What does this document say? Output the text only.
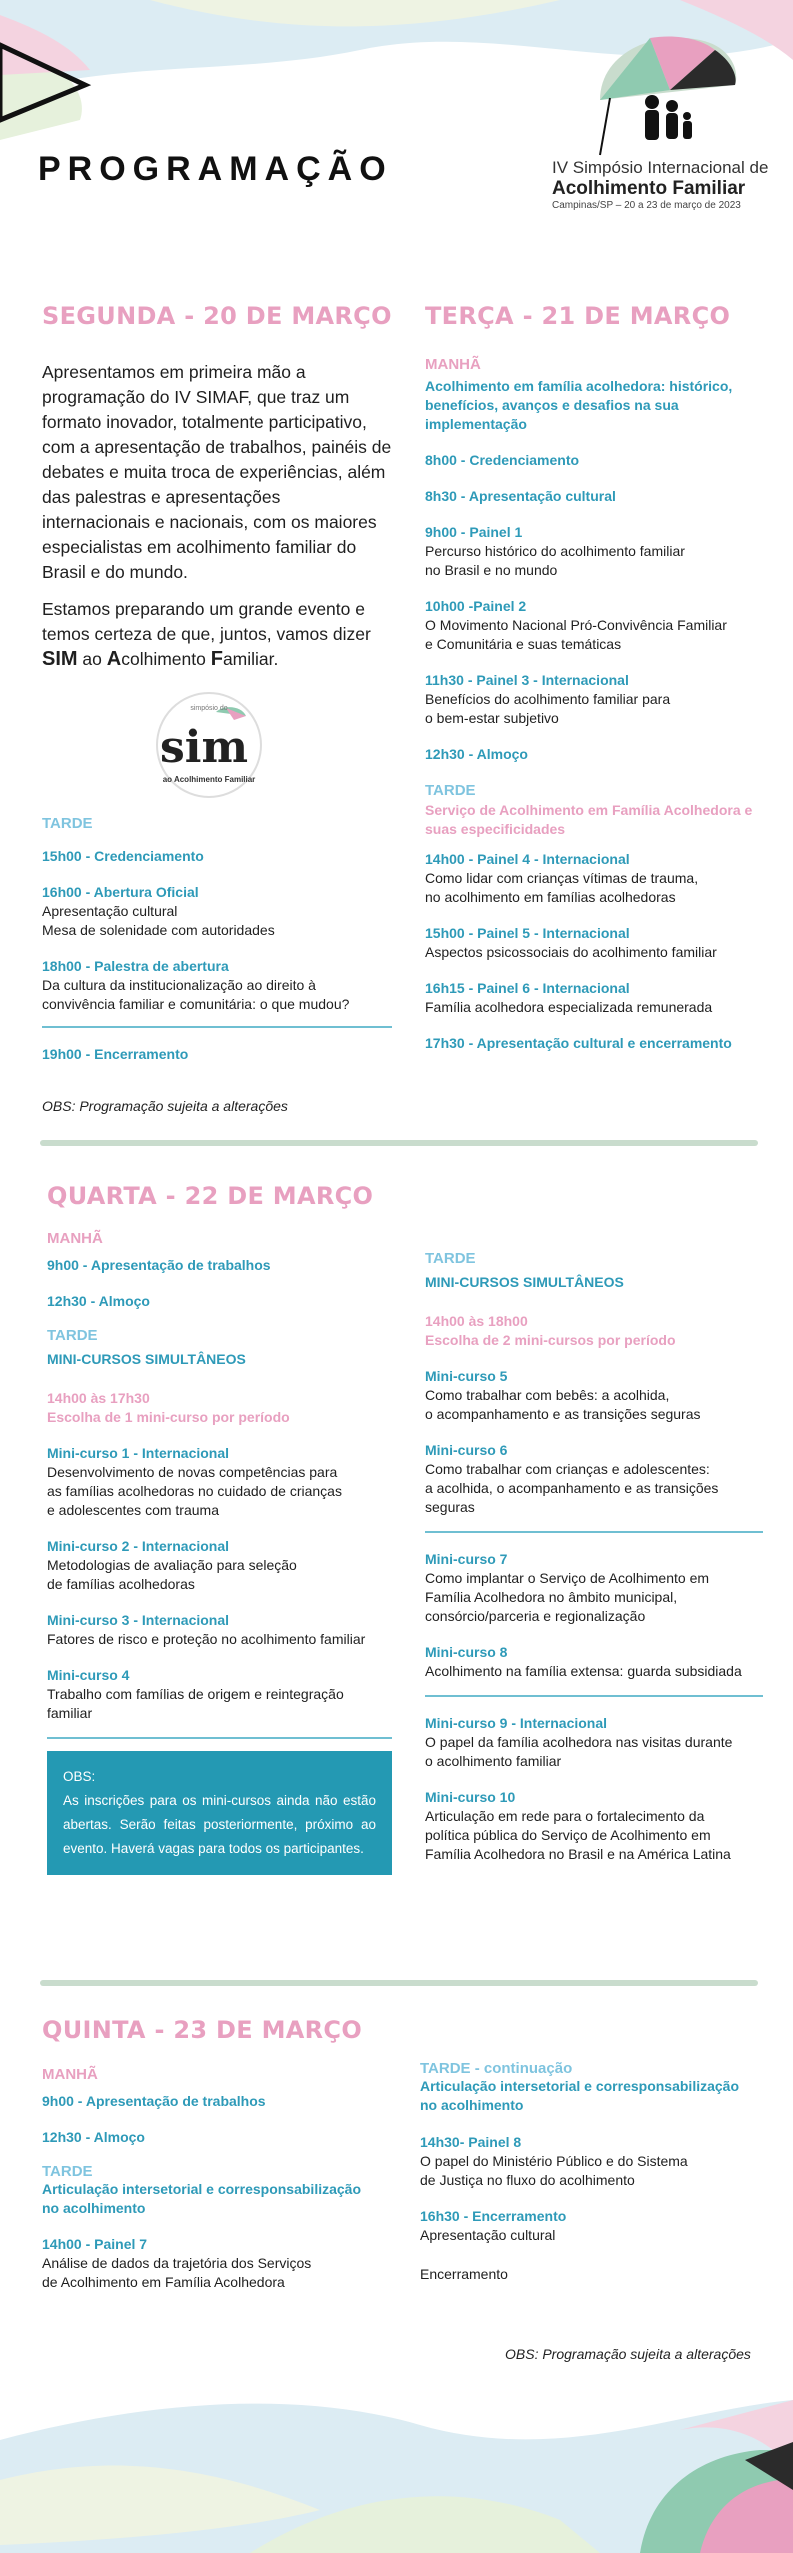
PROGRAMAÇÃO	IV Simpósio Internacional de
Acolhimento Familiar
Campinas/SP – 20 a 23 de março de 2023
SEGUNDA - 20 DE MARÇO

Apresentamos em primeira mão a programação do IV SIMAF, que traz um formato inovador, totalmente participativo, com a apresentação de trabalhos, painéis de debates e muita troca de experiências, além das palestras e apresentações internacionais e nacionais, com os maiores especialistas em acolhimento familiar do Brasil e do mundo.

Estamos preparando um grande evento e temos certeza de que, juntos, vamos dizer SIM ao Acolhimento Familiar.

simpósio do
sim
ao Acolhimento Familiar
TARDE
15h00 - Credenciamento
16h00 - Abertura Oficial
Apresentação cultural
Mesa de solenidade com autoridades
18h00 - Palestra de abertura
Da cultura da institucionalização ao direito à convivência familiar e comunitária: o que mudou?
19h00 - Encerramento
OBS: Programação sujeita a alterações
TERÇA - 21 DE MARÇO
MANHÃ
Acolhimento em família acolhedora: histórico, benefícios, avanços e desafios na sua implementação
8h00 - Credenciamento
8h30 - Apresentação cultural
9h00 - Painel 1
Percurso histórico do acolhimento familiar
no Brasil e no mundo
10h00 -Painel 2
O Movimento Nacional Pró-Convivência Familiar
e Comunitária e suas temáticas
11h30 - Painel 3 - Internacional
Benefícios do acolhimento familiar para
o bem-estar subjetivo
12h30 - Almoço
TARDE
Serviço de Acolhimento em Família Acolhedora e suas especificidades
14h00 - Painel 4 - Internacional
Como lidar com crianças vítimas de trauma,
no acolhimento em famílias acolhedoras
15h00 - Painel 5 - Internacional
Aspectos psicossociais do acolhimento familiar
16h15 - Painel 6 - Internacional
Família acolhedora especializada remunerada
17h30 - Apresentação cultural e encerramento
QUARTA - 22 DE MARÇO
MANHÃ
9h00 - Apresentação de trabalhos
12h30 - Almoço
TARDE
MINI-CURSOS SIMULTÂNEOS
14h00 às 17h30
Escolha de 1 mini-curso por período
Mini-curso 1 - Internacional
Desenvolvimento de novas competências para
as famílias acolhedoras no cuidado de crianças
e adolescentes com trauma
Mini-curso 2 - Internacional
Metodologias de avaliação para seleção
de famílias acolhedoras
Mini-curso 3 - Internacional
Fatores de risco e proteção no acolhimento familiar
Mini-curso 4
Trabalho com famílias de origem e reintegração
familiar
OBS:
As inscrições para os mini-cursos ainda não estão abertas. Serão feitas posteriormente, próximo ao evento. Haverá vagas para todos os participantes.
TARDE
MINI-CURSOS SIMULTÂNEOS
14h00 às 18h00
Escolha de 2 mini-cursos por período
Mini-curso 5
Como trabalhar com bebês: a acolhida,
o acompanhamento e as transições seguras
Mini-curso 6
Como trabalhar com crianças e adolescentes:
a acolhida, o acompanhamento e as transições
seguras
Mini-curso 7
Como implantar o Serviço de Acolhimento em
Família Acolhedora no âmbito municipal,
consórcio/parceria e regionalização
Mini-curso 8
Acolhimento na família extensa: guarda subsidiada
Mini-curso 9 - Internacional
O papel da família acolhedora nas visitas durante
o acolhimento familiar
Mini-curso 10
Articulação em rede para o fortalecimento da
política pública do Serviço de Acolhimento em
Família Acolhedora no Brasil e na América Latina
QUINTA - 23 DE MARÇO
MANHÃ
9h00 - Apresentação de trabalhos
12h30 - Almoço
TARDE
Articulação intersetorial e corresponsabilização
no acolhimento
14h00 - Painel 7
Análise de dados da trajetória dos Serviços
de Acolhimento em Família Acolhedora
TARDE - continuação
Articulação intersetorial e corresponsabilização
no acolhimento
14h30- Painel 8
O papel do Ministério Público e do Sistema
de Justiça no fluxo do acolhimento
16h30 - Encerramento
Apresentação cultural
Encerramento
OBS: Programação sujeita a alterações
